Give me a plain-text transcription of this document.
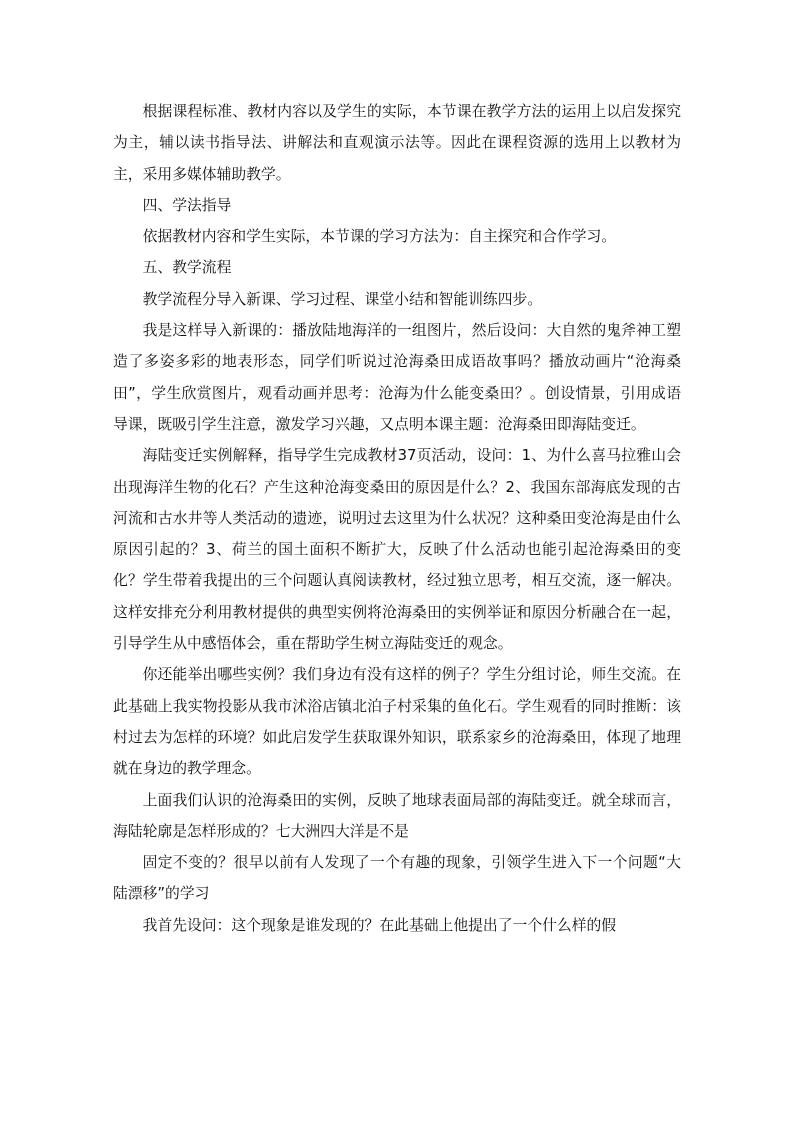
根据课程标准、教材内容以及学生的实际，本节课在教学方法的运用上以启发探究为主，辅以读书指导法、讲解法和直观演示法等。因此在课程资源的选用上以教材为主，采用多媒体辅助教学。

四、学法指导

依据教材内容和学生实际，本节课的学习方法为：自主探究和合作学习。

五、教学流程

教学流程分导入新课、学习过程、课堂小结和智能训练四步。

我是这样导入新课的：播放陆地海洋的一组图片，然后设问：大自然的鬼斧神工塑造了多姿多彩的地表形态，同学们听说过沧海桑田成语故事吗？播放动画片“沧海桑田”，学生欣赏图片，观看动画并思考：沧海为什么能变桑田？。创设情景，引用成语导课，既吸引学生注意，激发学习兴趣，又点明本课主题：沧海桑田即海陆变迁。

海陆变迁实例解释，指导学生完成教材37页活动，设问：1、为什么喜马拉雅山会出现海洋生物的化石？产生这种沧海变桑田的原因是什么？2、我国东部海底发现的古河流和古水井等人类活动的遗迹，说明过去这里为什么状况？这种桑田变沧海是由什么原因引起的？3、荷兰的国土面积不断扩大，反映了什么活动也能引起沧海桑田的变化？学生带着我提出的三个问题认真阅读教材，经过独立思考，相互交流，逐一解决。这样安排充分利用教材提供的典型实例将沧海桑田的实例举证和原因分析融合在一起，引导学生从中感悟体会，重在帮助学生树立海陆变迁的观念。

你还能举出哪些实例？我们身边有没有这样的例子？学生分组讨论，师生交流。在此基础上我实物投影从我市沭浴店镇北泊子村采集的鱼化石。学生观看的同时推断：该村过去为怎样的环境？如此启发学生获取课外知识，联系家乡的沧海桑田，体现了地理就在身边的教学理念。

上面我们认识的沧海桑田的实例，反映了地球表面局部的海陆变迁。就全球而言，海陆轮廓是怎样形成的？七大洲四大洋是不是

固定不变的？很早以前有人发现了一个有趣的现象，引领学生进入下一个问题“大陆漂移”的学习

我首先设问：这个现象是谁发现的？在此基础上他提出了一个什么样的假
